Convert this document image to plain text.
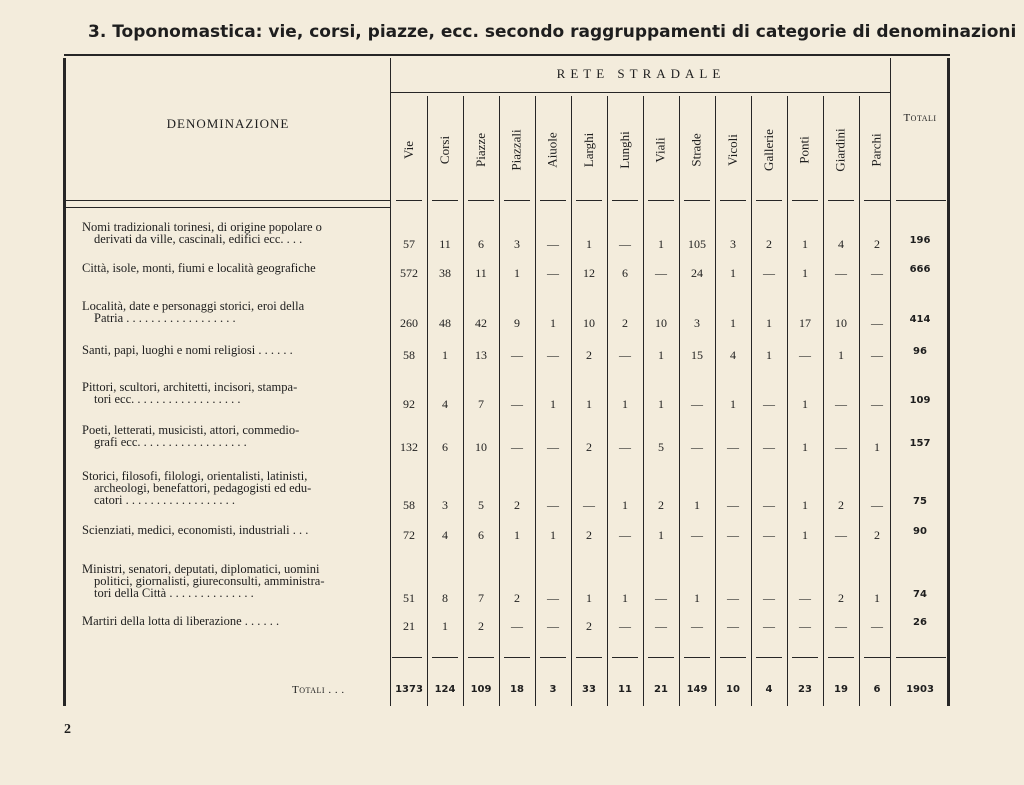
3. Toponomastica: vie, corsi, piazze, ecc. secondo raggruppamenti di categorie di denominazioni
DENOMINAZIONE
RETE STRADALE
Totali
Vie Corsi Piazze Piazzali Aiuole Larghi Lunghi Viali Strade Vicoli Gallerie Ponti Giardini Parchi
Nomi tradizionali torinesi, di origine popolare o
derivati da ville, cascinali, edifici ecc. . . .	57	11	6	3	—	1	—	1	105	3	2	1	4	2	196
Città, isole, monti, fiumi e località geografiche	572	38	11	1	—	12	6	—	24	1	—	1	—	—	666
Località, date e personaggi storici, eroi della
Patria . . . . . . . . . . . . . . . . . .	260	48	42	9	1	10	2	10	3	1	1	17	10	—	414
Santi, papi, luoghi e nomi religiosi . . . . . .	58	1	13	—	—	2	—	1	15	4	1	—	1	—	96
Pittori, scultori, architetti, incisori, stampa-
tori ecc. . . . . . . . . . . . . . . . . .	92	4	7	—	1	1	1	1	—	1	—	1	—	—	109
Poeti, letterati, musicisti, attori, commedio-
grafi ecc. . . . . . . . . . . . . . . . . .	132	6	10	—	—	2	—	5	—	—	—	1	—	1	157
Storici, filosofi, filologi, orientalisti, latinisti,
archeologi, benefattori, pedagogisti ed edu-
catori . . . . . . . . . . . . . . . . . .	58	3	5	2	—	—	1	2	1	—	—	1	2	—	75
Scienziati, medici, economisti, industriali . . .	72	4	6	1	1	2	—	1	—	—	—	1	—	2	90
Ministri, senatori, deputati, diplomatici, uomini
politici, giornalisti, giureconsulti, amministra-
tori della Città . . . . . . . . . . . . . .	51	8	7	2	—	1	1	—	1	—	—	—	2	1	74
Martiri della lotta di liberazione . . . . . .	21	1	2	—	—	2	—	—	—	—	—	—	—	—	26
Totali . . .	1373	124	109	18	3	33	11	21	149	10	4	23	19	6	1903
2
